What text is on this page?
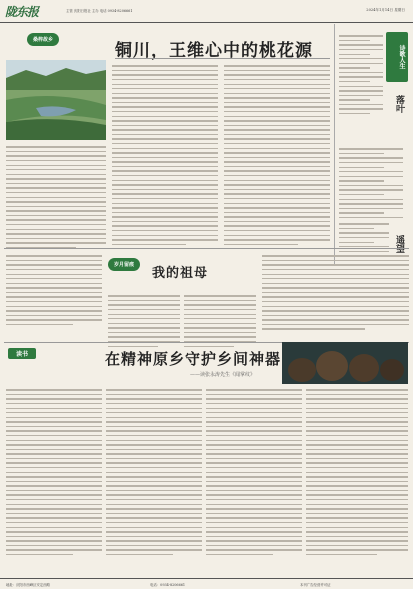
陇东报	主管 庆阳日报社 主办 电话 0934-8206661	2024年1月14日 星期日
桑梓故乡
铜川，王维心中的桃花源	诗歌人生
落叶
遥望
岁月留痕
我的祖母
读书	在精神原乡守护乡间神器
——读张永涛先生《闻掌纹》
地址：庆阳市西峰区安定西路	电话：0934-8206661	本刊广告经营许可证
